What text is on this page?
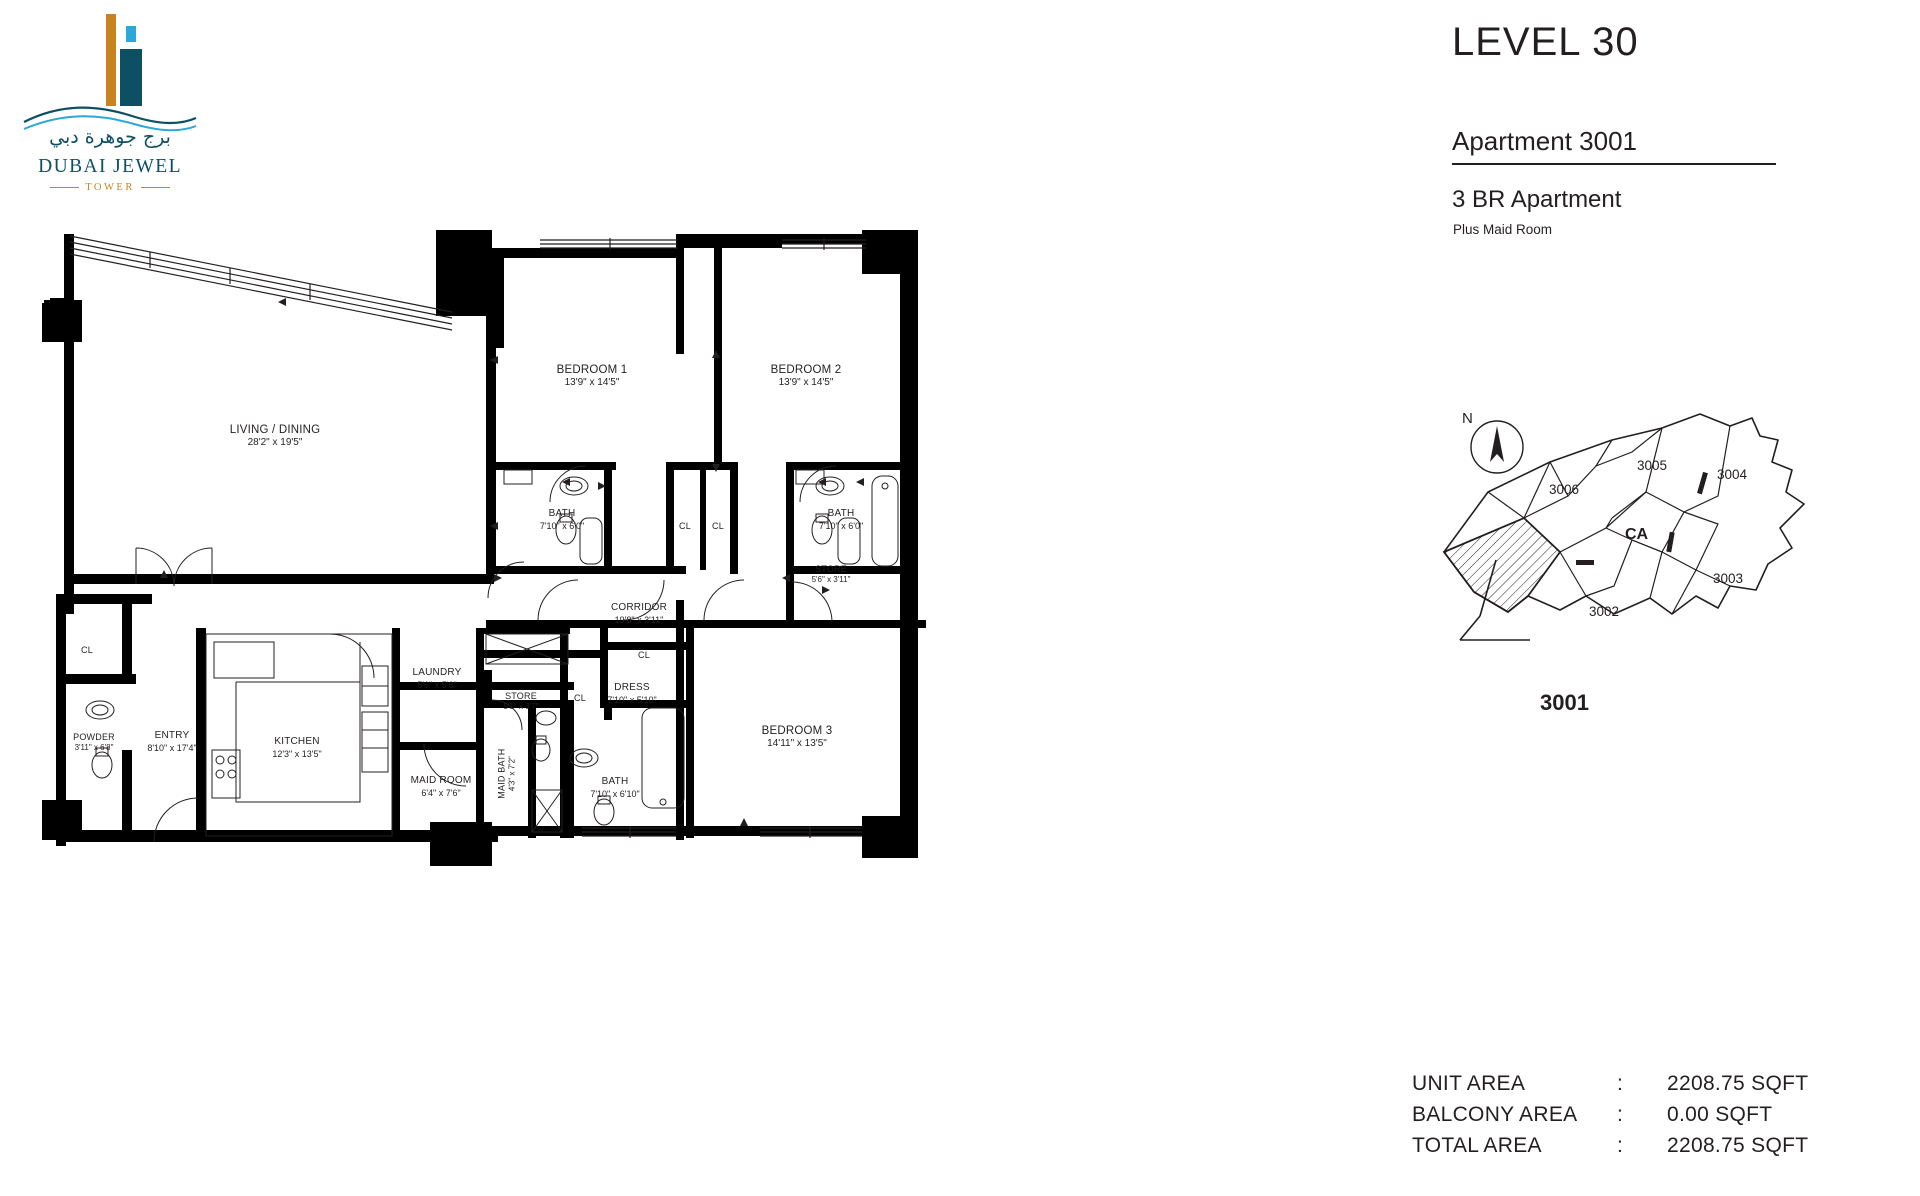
برج جوهرة دبي
DUBAI JEWEL
TOWER
LEVEL 30
Apartment 3001
3 BR Apartment
Plus Maid Room
N
3006
3005
3004
3003
3002
CA
3001
UNIT AREA	:	2208.75 SQFT
BALCONY AREA	:	0.00 SQFT
TOTAL AREA	:	2208.75 SQFT
LIVING / DINING
28'2" x 19'5"
BEDROOM 1
13'9" x 14'5"
BEDROOM 2
13'9" x 14'5"
BATH
7'10" x 6'0"
BATH
7'10" x 6'0"
CL CL
CORRIDOR
19'8" x 3'11"
STORE
5'6" x 3'11"
CL	CL
LAUNDRY
5'6" x 5'6"	DRESS
7'10" x 5'10"
STORE
5'1" x 3'7"
CL
POWDER
3'11" x 6'8"
ENTRY
8'10" x 17'4"
KITCHEN
12'3" x 13'5"
BEDROOM 3
14'11" x 13'5"
MAID ROOM
6'4" x 7'6"	MAID BATH 4'3" x 7'2"	BATH
7'10" x 6'10"
